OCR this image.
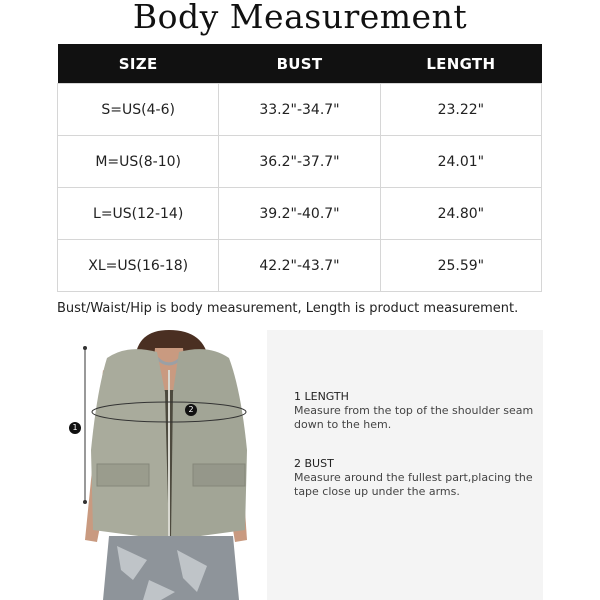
Body Measurement
SIZE	BUST	LENGTH
S=US(4-6)	33.2"-34.7"	23.22"
M=US(8-10)	36.2"-37.7"	24.01"
L=US(12-14)	39.2"-40.7"	24.80"
XL=US(16-18)	42.2"-43.7"	25.59"
Bust/Waist/Hip is body measurement, Length is product measurement.
1
2
1 LENGTH
Measure from the top of the shoulder seam down to the hem.
2 BUST
Measure around the fullest part,placing the tape close up under the arms.
